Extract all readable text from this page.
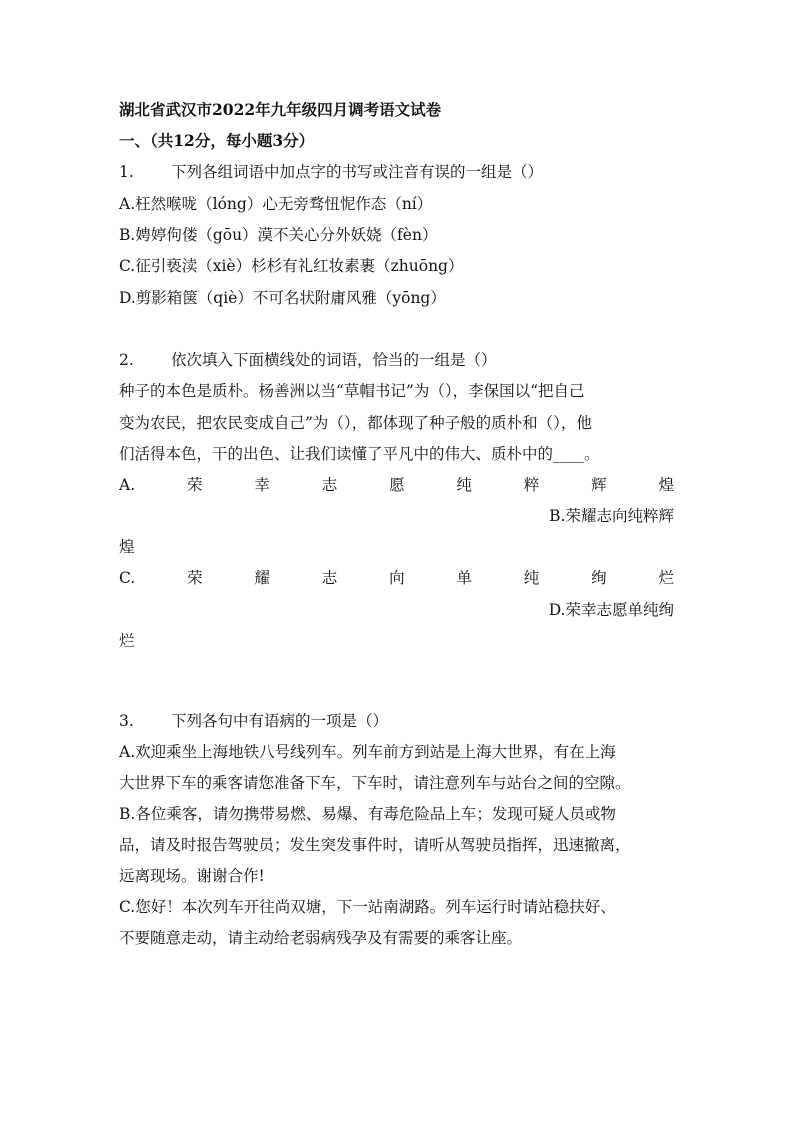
湖北省武汉市2022年九年级四月调考语文试卷
一、（共12分，每小题3分）
1. 下列各组词语中加点字的书写或注音有误的一组是（）
A.枉然喉咙（lóng）心无旁骛忸怩作态（ní）
B.娉婷佝偻（gōu）漠不关心分外妖娆（fèn）
C.征引亵渎（xiè）杉杉有礼红妆素裹（zhuōng）
D.剪影箱箧（qiè）不可名状附庸风雅（yōng）
2. 依次填入下面横线处的词语，恰当的一组是（）
种子的本色是质朴。杨善洲以当“草帽书记”为（），李保国以“把自己
变为农民，把农民变成自己”为（），都体现了种子般的质朴和（），他
们活得本色，干的出色、让我们读懂了平凡中的伟大、质朴中的____。
A.	荣	幸	志	愿	纯	粹	辉	煌
B.荣耀志向纯粹辉
煌
C.	荣	耀	志	向	单	纯	绚	烂
D.荣幸志愿单纯绚
烂
3. 下列各句中有语病的一项是（）
A.欢迎乘坐上海地铁八号线列车。列车前方到站是上海大世界，有在上海
大世界下车的乘客请您准备下车，下车时，请注意列车与站台之间的空隙。
B.各位乘客，请勿携带易燃、易爆、有毒危险品上车；发现可疑人员或物
品，请及时报告驾驶员；发生突发事件时，请听从驾驶员指挥，迅速撤离，
远离现场。谢谢合作!
C.您好！本次列车开往尚双塘，下一站南湖路。列车运行时请站稳扶好、
不要随意走动，请主动给老弱病残孕及有需要的乘客让座。
